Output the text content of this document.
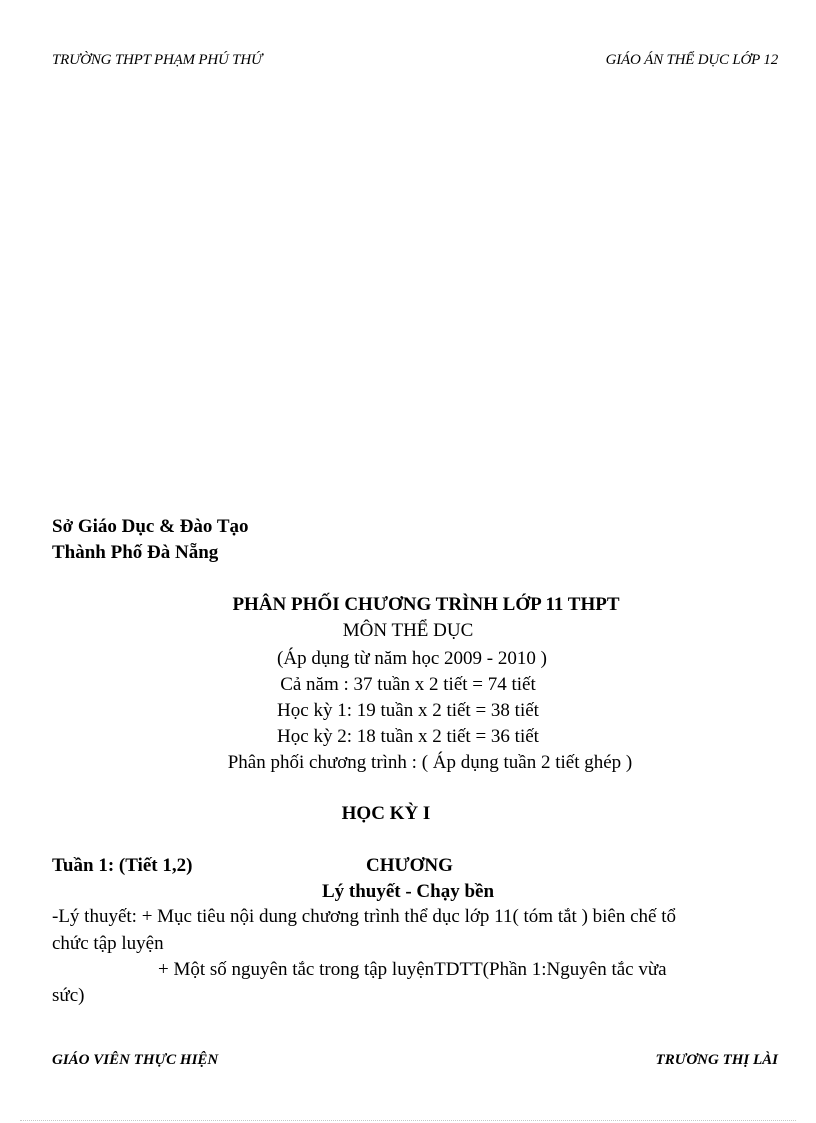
TRƯỜNG THPT PHẠM PHÚ THỨ	GIÁO ÁN THỂ DỤC LỚP 12
Sở Giáo Dục & Đào Tạo
Thành Phố Đà Nẵng
PHÂN PHỐI CHƯƠNG TRÌNH LỚP 11 THPT
MÔN THỂ DỤC
(Áp dụng từ năm học 2009 - 2010 )
Cả năm : 37 tuần x 2 tiết = 74 tiết
Học kỳ 1: 19 tuần x 2 tiết = 38 tiết
Học kỳ 2: 18 tuần x 2 tiết = 36 tiết
Phân phối chương trình : ( Áp dụng tuần 2 tiết ghép )
HỌC KỲ I
Tuần 1: (Tiết 1,2)	CHƯƠNG
Lý thuyết - Chạy bền
-Lý thuyết: + Mục tiêu nội dung chương trình thể dục lớp 11( tóm tắt ) biên chế tổ
chức tập luyện
+ Một số nguyên tắc trong tập luyệnTDTT(Phần 1:Nguyên tắc vừa
sức)
GIÁO VIÊN THỰC HIỆN	TRƯƠNG THỊ LÀI
